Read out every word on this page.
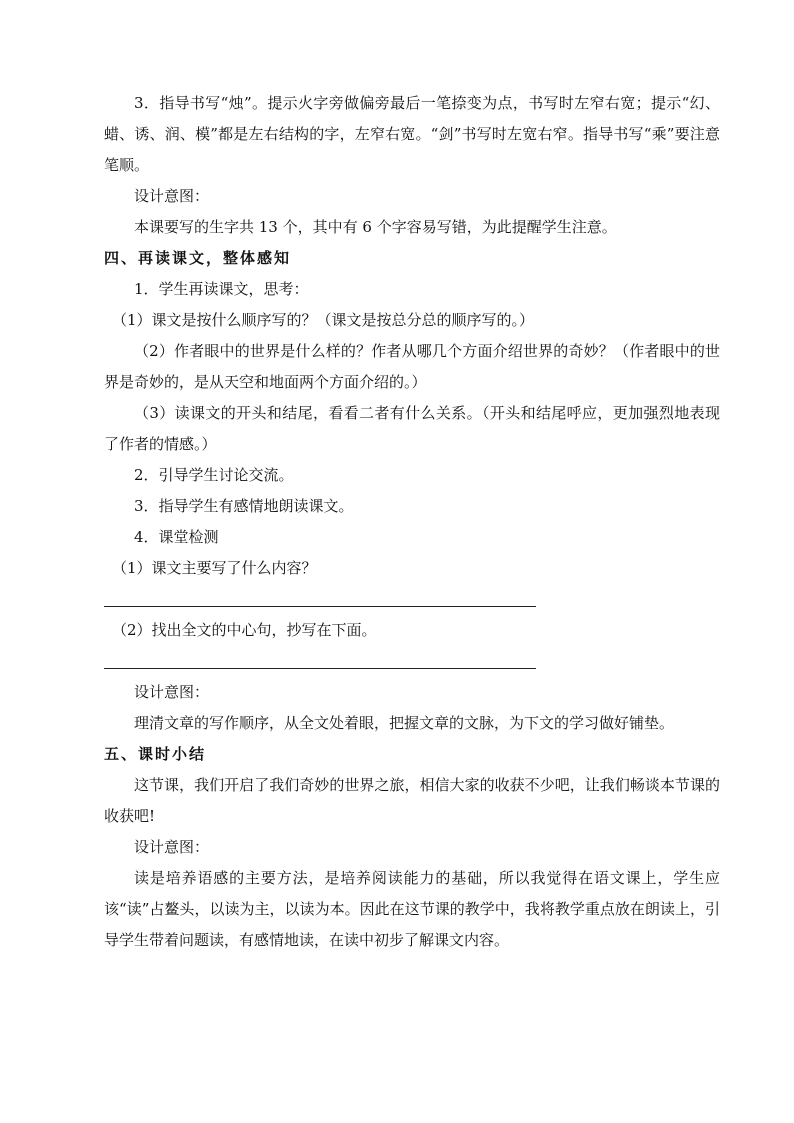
3．指导书写“烛”。提示火字旁做偏旁最后一笔捺变为点，书写时左窄右宽；提示“幻、蜡、诱、润、模”都是左右结构的字，左窄右宽。“剑”书写时左宽右窄。指导书写“乘”要注意笔顺。

设计意图：

本课要写的生字共 13 个，其中有 6 个字容易写错，为此提醒学生注意。

四、再读课文，整体感知

1．学生再读课文，思考：

（1）课文是按什么顺序写的？（课文是按总分总的顺序写的。）

（2）作者眼中的世界是什么样的？作者从哪几个方面介绍世界的奇妙？（作者眼中的世界是奇妙的，是从天空和地面两个方面介绍的。）

（3）读课文的开头和结尾，看看二者有什么关系。（开头和结尾呼应，更加强烈地表现了作者的情感。）

2．引导学生讨论交流。

3．指导学生有感情地朗读课文。

4．课堂检测

（1）课文主要写了什么内容？

（2）找出全文的中心句，抄写在下面。

设计意图：

理清文章的写作顺序，从全文处着眼，把握文章的文脉，为下文的学习做好铺垫。

五、课时小结

这节课，我们开启了我们奇妙的世界之旅，相信大家的收获不少吧，让我们畅谈本节课的收获吧!

设计意图：

读是培养语感的主要方法，是培养阅读能力的基础，所以我觉得在语文课上，学生应该“读”占鳌头，以读为主，以读为本。因此在这节课的教学中，我将教学重点放在朗读上，引导学生带着问题读，有感情地读，在读中初步了解课文内容。
